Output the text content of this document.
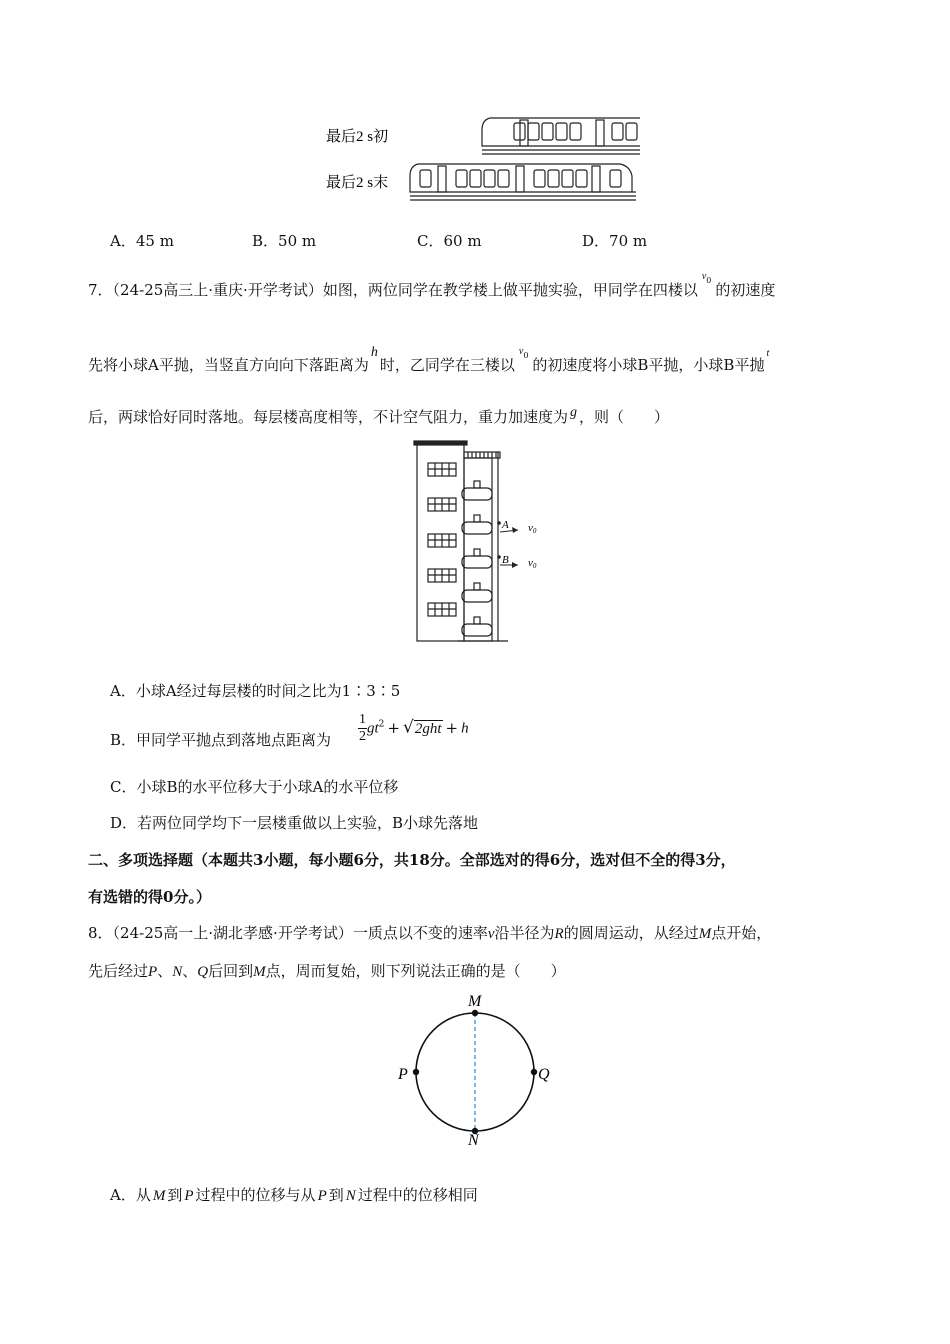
最后2 s初
最后2 s末
A．45 m	B．50 m	C．60 m	D．70 m
7．（24-25高三上·重庆·开学考试）如图，两位同学在教学楼上做平抛实验，甲同学在四楼以$v_0$的初速度
先将小球A平抛，当竖直方向向下落距离为h时，乙同学在三楼以$v_0$的初速度将小球B平抛，小球B平抛$^t$
后，两球恰好同时落地。每层楼高度相等，不计空气阻力，重力加速度为 g ，则（　　）
A v0
B v0
A．小球A经过每层楼的时间之比为1∶3∶5
B．甲同学平抛点到落地点距离为 $\frac{1}{2} gt^2 + √2ght + h$
C．小球B的水平位移大于小球A的水平位移
D．若两位同学均下一层楼重做以上实验，B小球先落地
二、多项选择题（本题共3小题，每小题6分，共18分。全部选对的得6分，选对但不全的得3分，
有选错的得0分。）
8．（24-25高一上·湖北孝感·开学考试）一质点以不变的速率v沿半径为R的圆周运动，从经过M点开始，
先后经过P、N、Q后回到M点，周而复始，则下列说法正确的是（　　）
M
P	Q
N
A．从 M 到 P 过程中的位移与从 P 到 N 过程中的位移相同
